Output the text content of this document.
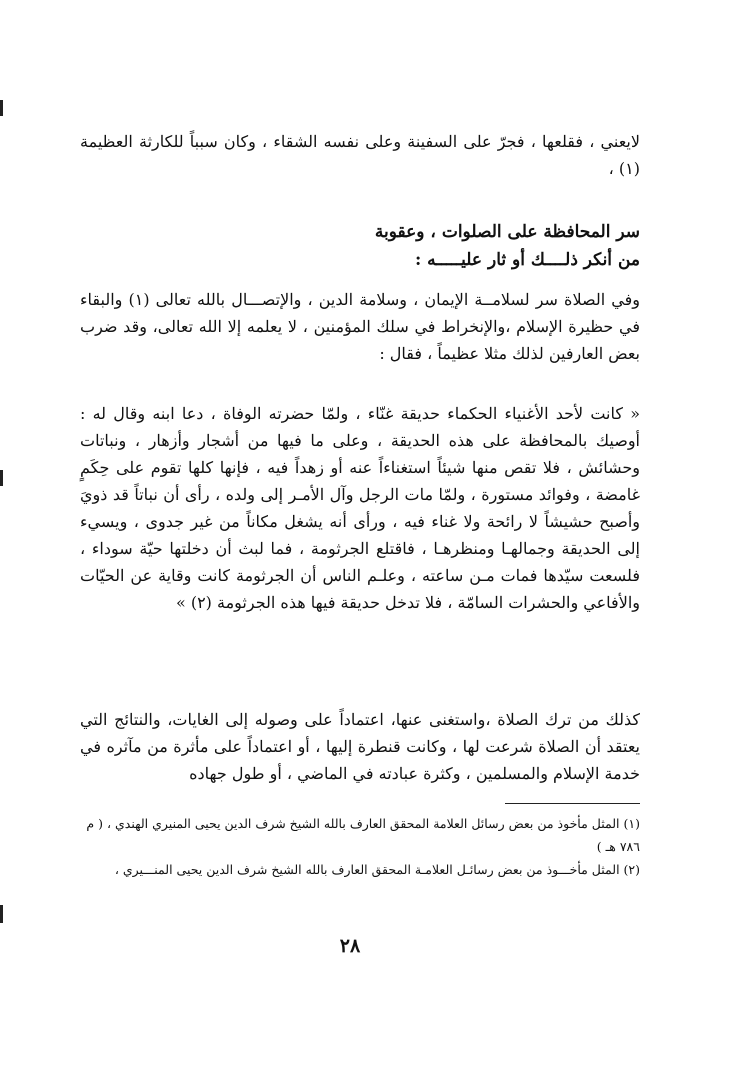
لايعني ، فقلعها ، فجرّ على السفينة وعلى نفسه الشقاء ، وكان سبباً للكارثة العظيمة (١) ،

سر المحافظة على الصلوات ، وعقوبة
من أنكر ذلــــك أو ثار عليـــــه :

وفي الصلاة سر لسلامــة الإيمان ، وسلامة الدين ، والإتصـــال بالله تعالى (١) والبقاء في حظيرة الإسلام ،والإنخراط في سلك المؤمنين ، لا يعلمه إلا الله تعالى، وقد ضرب بعض العارفين لذلك مثلا عظيماً ، فقال :

« كانت لأحد الأغنياء الحكماء حديقة غنّاء ، ولمّا حضرته الوفاة ، دعا ابنه وقال له : أوصيك بالمحافظة على هذه الحديقة ، وعلى ما فيها من أشجار وأزهار ، ونباتات وحشائش ، فلا تقص منها شيئاً استغناءاً عنه أو زهداً فيه ، فإنها كلها تقوم على حِكَمٍ غامضة ، وفوائد مستورة ، ولمّا مات الرجل وآل الأمـر إلى ولده ، رأى أن نباتاً قد ذويَ وأصبح حشيشاً لا رائحة ولا غناء فيه ، ورأى أنه يشغل مكاناً من غير جدوى ، ويسيء إلى الحديقة وجمالهـا ومنظرهـا ، فاقتلع الجرثومة ، فما لبث أن دخلتها حيّة سوداء ، فلسعت سيّدها فمات مـن ساعته ، وعلـم الناس أن الجرثومة كانت وقاية عن الحيّات والأفاعي والحشرات السامّة ، فلا تدخل حديقة فيها هذه الجرثومة (٢) »

كذلك من ترك الصلاة ،واستغنى عنها، اعتماداً على وصوله إلى الغايات، والنتائج التي يعتقد أن الصلاة شرعت لها ، وكانت قنطرة إليها ، أو اعتماداً على مأثرة من مآثره في خدمة الإسلام والمسلمين ، وكثرة عبادته في الماضي ، أو طول جهاده

(١) المثل مأخوذ من بعض رسائل العلامة المحقق العارف بالله الشيخ شرف الدين يحيى المنيري الهندي ، ( م ٧٨٦ هـ )

(٢) المثل مأخـــوذ من بعض رسائـل العلامـة المحقق العارف بالله الشيخ شرف الدين يحيى المنـــيري ،

٢٨
